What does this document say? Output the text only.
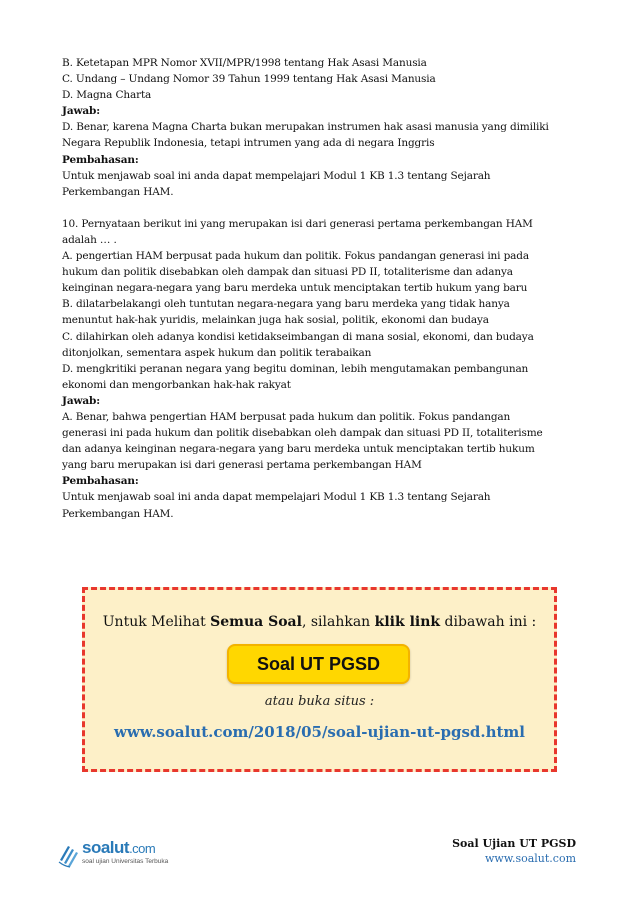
B. Ketetapan MPR Nomor XVII/MPR/1998 tentang Hak Asasi Manusia

C. Undang – Undang Nomor 39 Tahun 1999 tentang Hak Asasi Manusia

D. Magna Charta

Jawab:

D. Benar, karena Magna Charta bukan merupakan instrumen hak asasi manusia yang dimiliki

Negara Republik Indonesia, tetapi intrumen yang ada di negara Inggris

Pembahasan:

Untuk menjawab soal ini anda dapat mempelajari Modul 1 KB 1.3 tentang Sejarah

Perkembangan HAM.

10. Pernyataan berikut ini yang merupakan isi dari generasi pertama perkembangan HAM

adalah … .

A. pengertian HAM berpusat pada hukum dan politik. Fokus pandangan generasi ini pada

hukum dan politik disebabkan oleh dampak dan situasi PD II, totaliterisme dan adanya

keinginan negara-negara yang baru merdeka untuk menciptakan tertib hukum yang baru

B. dilatarbelakangi oleh tuntutan negara-negara yang baru merdeka yang tidak hanya

menuntut hak-hak yuridis, melainkan juga hak sosial, politik, ekonomi dan budaya

C. dilahirkan oleh adanya kondisi ketidakseimbangan di mana sosial, ekonomi, dan budaya

ditonjolkan, sementara aspek hukum dan politik terabaikan

D. mengkritiki peranan negara yang begitu dominan, lebih mengutamakan pembangunan

ekonomi dan mengorbankan hak-hak rakyat

Jawab:

A. Benar, bahwa pengertian HAM berpusat pada hukum dan politik. Fokus pandangan

generasi ini pada hukum dan politik disebabkan oleh dampak dan situasi PD II, totaliterisme

dan adanya keinginan negara-negara yang baru merdeka untuk menciptakan tertib hukum

yang baru merupakan isi dari generasi pertama perkembangan HAM

Pembahasan:

Untuk menjawab soal ini anda dapat mempelajari Modul 1 KB 1.3 tentang Sejarah

Perkembangan HAM.

Untuk Melihat Semua Soal, silahkan klik link dibawah ini :
Soal UT PGSD
atau buka situs :
www.soalut.com/2018/05/soal-ujian-ut-pgsd.html
soalut.com
soal ujian Universitas Terbuka
Soal Ujian UT PGSD
www.soalut.com
